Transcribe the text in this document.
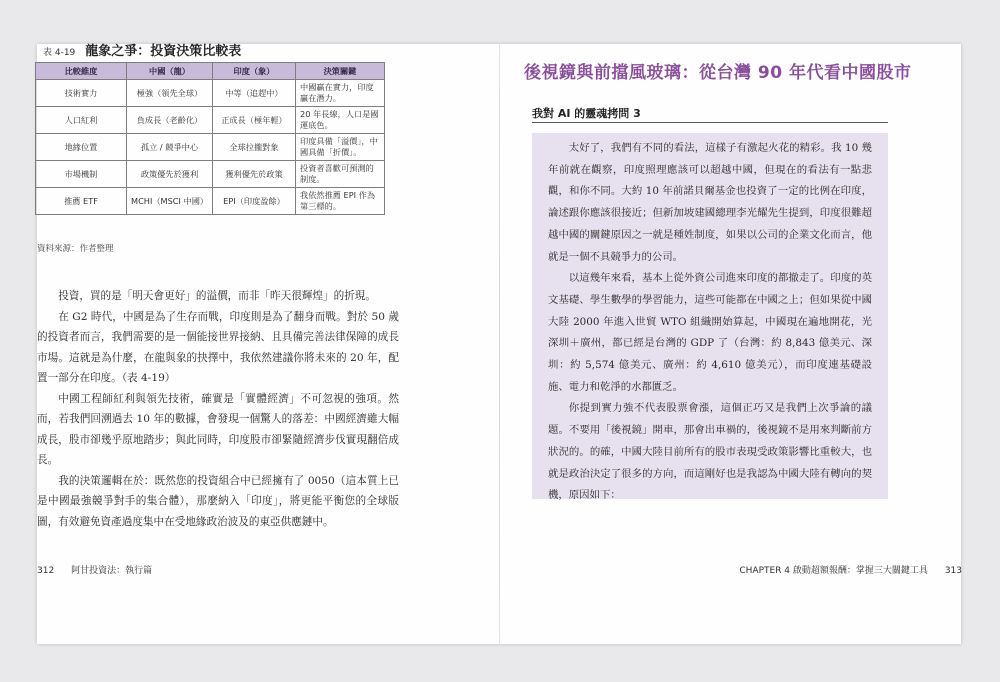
表 4-19 龍象之爭：投資決策比較表
比較維度	中國（龍）	印度（象）	決策關鍵
技術實力	極強（領先全球）	中等（追趕中）	中國贏在實力，印度贏在潛力。
人口紅利	負成長（老齡化）	正成長（極年輕）	20 年長線，人口是國運底色。
地緣位置	孤立 / 競爭中心	全球拉攏對象	印度具備「溢價」，中國具備「折價」。
市場機制	政策優先於獲利	獲利優先於政策	投資者喜歡可預測的制度。
推薦 ETF	MCHI（MSCI 中國）	EPI（印度盈餘）	我依然推薦 EPI 作為第三標的。
資料來源：作者整理

投資，買的是「明天會更好」的溢價，而非「昨天很輝煌」的折現。

在 G2 時代，中國是為了生存而戰，印度則是為了翻身而戰。對於 50 歲的投資者而言，我們需要的是一個能接世界接納、且具備完善法律保障的成長市場。這就是為什麼，在龍與象的抉擇中，我依然建議你將未來的 20 年，配置一部分在印度。（表 4-19）

中國工程師紅利與領先技術，確實是「實體經濟」不可忽視的強項。然而，若我們回溯過去 10 年的數據，會發現一個驚人的落差：中國經濟雖大幅成長，股市卻幾乎原地踏步；與此同時，印度股市卻緊隨經濟步伐實現翻倍成長。

我的決策邏輯在於：既然您的投資組合中已經擁有了 0050（這本質上已是中國最強競爭對手的集合體），那麼納入「印度」，將更能平衡您的全球版圖，有效避免資產過度集中在受地緣政治波及的東亞供應鏈中。

312 阿甘投資法：執行篇
後視鏡與前擋風玻璃：從台灣 90 年代看中國股市
我對 AI 的靈魂拷問 3

太好了，我們有不同的看法，這樣子有激起火花的精彩。我 10 幾年前就在觀察，印度照理應該可以超越中國，但現在的看法有一點悲觀，和你不同。大約 10 年前諾貝爾基金也投資了一定的比例在印度，論述跟你應該很接近；但新加坡建國總理李光耀先生提到，印度很難超越中國的關鍵原因之一就是種姓制度，如果以公司的企業文化而言，他就是一個不具競爭力的公司。

以這幾年來看，基本上從外資公司進來印度的都撤走了。印度的英文基礎、學生數學的學習能力，這些可能都在中國之上；但如果從中國大陸 2000 年進入世貿 WTO 組織開始算起，中國現在遍地開花，光深圳＋廣州，都已經是台灣的 GDP 了（台灣：約 8,843 億美元、深圳：約 5,574 億美元、廣州：約 4,610 億美元），而印度連基礎設施、電力和乾淨的水都匱乏。

你提到實力強不代表股票會漲，這個正巧又是我們上次爭論的議題。不要用「後視鏡」開車，那會出車禍的，後視鏡不是用來判斷前方狀況的。的確，中國大陸目前所有的股市表現受政策影響比重較大，也就是政治決定了很多的方向，而這剛好也是我認為中國大陸有轉向的契機，原因如下：

CHAPTER 4 啟動超額報酬：掌握三大關鍵工具 313
